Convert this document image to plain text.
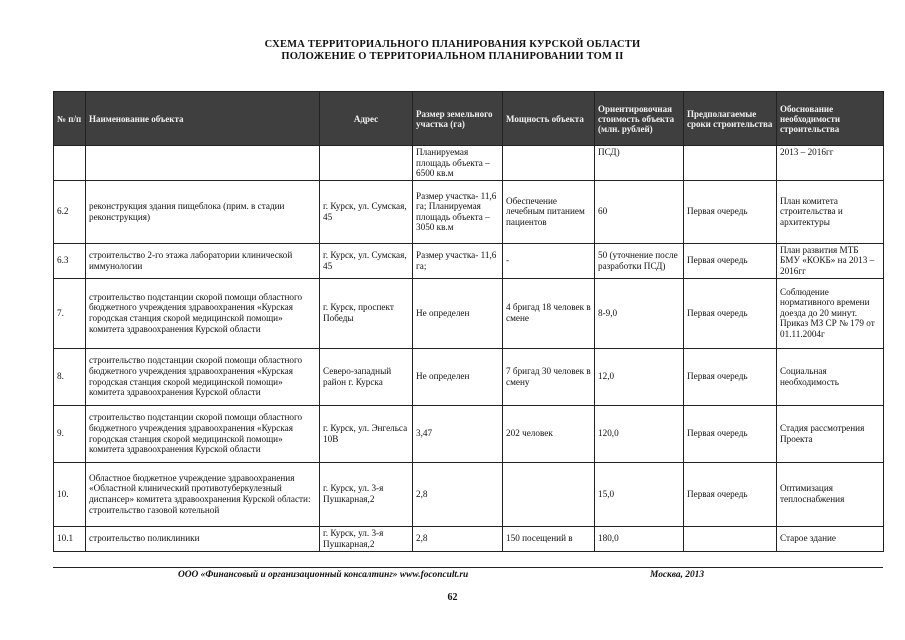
СХЕМА ТЕРРИТОРИАЛЬНОГО ПЛАНИРОВАНИЯ КУРСКОЙ ОБЛАСТИ
ПОЛОЖЕНИЕ О ТЕРРИТОРИАЛЬНОМ ПЛАНИРОВАНИИ ТОМ II
№ п/п	Наименование объекта	Адрес	Размер земельного участка (га)	Мощность объекта	Ориентировочная стоимость объекта (млн. рублей)	Предполагаемые сроки строительства	Обоснование необходимости строительства
			Планируемая площадь объекта – 6500 кв.м		ПСД)		2013 – 2016гг
6.2	реконструкция здания пищеблока (прим. в стадии реконструкция)	г. Курск, ул. Сумская, 45	Размер участка- 11,6 га; Планируемая площадь объекта – 3050 кв.м	Обеспечение лечебным питанием пациентов	60	Первая очередь	План комитета строительства и архитектуры
6.3	строительство 2-го этажа лаборатории клинической иммунологии	г. Курск, ул. Сумская, 45	Размер участка- 11,6 га;	-	50 (уточнение после разработки ПСД)	Первая очередь	План развития МТБ БМУ «КОКБ» на 2013 – 2016гг
7.	строительство подстанции скорой помощи областного бюджетного учреждения здравоохранения «Курская городская станция скорой медицинской помощи» комитета здравоохранения Курской области	г. Курск, проспект Победы	Не определен	4 бригад 18 человек в смене	8-9,0	Первая очередь	Соблюдение нормативного времени доезда до 20 минут. Приказ МЗ СР № 179 от 01.11.2004г
8.	строительство подстанции скорой помощи областного бюджетного учреждения здравоохранения «Курская городская станция скорой медицинской помощи» комитета здравоохранения Курской области	Северо-западный район г. Курска	Не определен	7 бригад 30 человек в смену	12,0	Первая очередь	Социальная необходимость
9.	строительство подстанции скорой помощи областного бюджетного учреждения здравоохранения «Курская городская станция скорой медицинской помощи» комитета здравоохранения Курской области	г. Курск, ул. Энгельса 10В	3,47	202 человек	120,0	Первая очередь	Стадия рассмотрения Проекта
10.	Областное бюджетное учреждение здравоохранения «Областной клинический противотуберкулезный диспансер» комитета здравоохранения Курской области: строительство газовой котельной	г. Курск, ул. 3-я Пушкарная,2	2,8		15,0	Первая очередь	Оптимизация теплоснабжения
10.1	строительство поликлиники	г. Курск, ул. 3-я Пушкарная,2	2,8	150 посещений в	180,0		Старое здание
ООО «Финансовый и организационный консалтинг» www.foconcult.ru	Москва, 2013
62
